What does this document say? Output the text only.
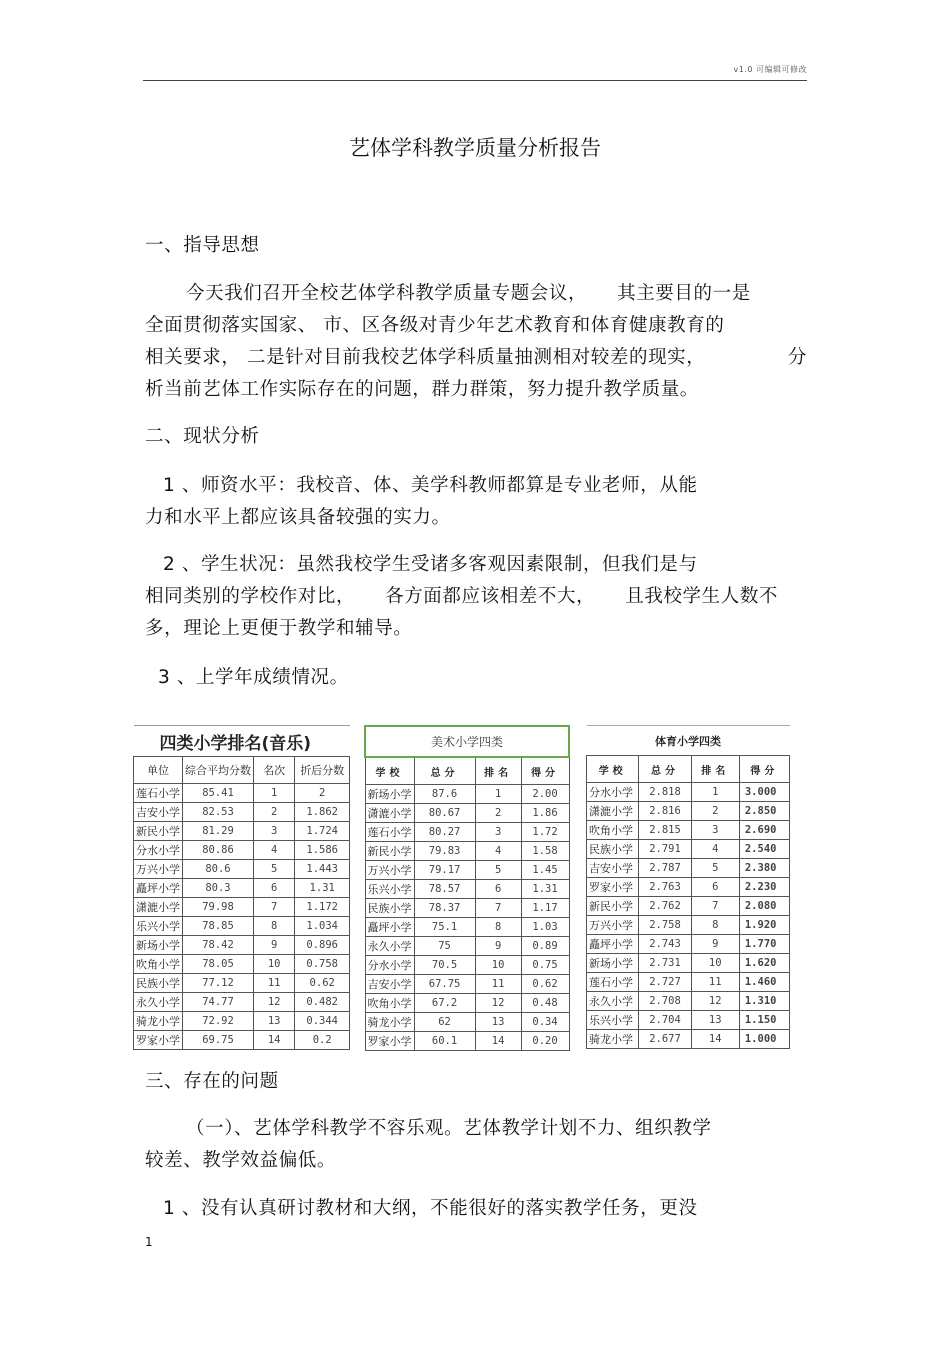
v1.0 可编辑可修改
艺体学科教学质量分析报告
一、指导思想
今天我们召开全校艺体学科教学质量专题会议， 其主要目的一是
全面贯彻落实国家、 市、区各级对青少年艺术教育和体育健康教育的
相关要求， 二是针对目前我校艺体学科质量抽测相对较差的现实，	分
析当前艺体工作实际存在的问题，群力群策，努力提升教学质量。
二、现状分析
1 、师资水平：我校音、体、美学科教师都算是专业老师，从能
力和水平上都应该具备较强的实力。
2 、学生状况：虽然我校学生受诸多客观因素限制，但我们是与
相同类别的学校作对比， 各方面都应该相差不大， 且我校学生人数不
多，理论上更便于教学和辅导。
3 、上学年成绩情况。
四类小学排名(音乐)			
单位	综合平均分数	名次	折后分数
莲石小学	85.41	1	2
吉安小学	82.53	2	1.862
新民小学	81.29	3	1.724
分水小学	80.86	4	1.586
万兴小学	80.6	5	1.443
矗坪小学	80.3	6	1.31
潇漉小学	79.98	7	1.172
乐兴小学	78.85	8	1.034
新场小学	78.42	9	0.896
吹角小学	78.05	10	0.758
民族小学	77.12	11	0.62
永久小学	74.77	12	0.482
骑龙小学	72.92	13	0.344
罗家小学	69.75	14	0.2
美术小学四类			
学校	总分	排名	得分
新场小学	87.6	1	2.00
潇漉小学	80.67	2	1.86
莲石小学	80.27	3	1.72
新民小学	79.83	4	1.58
万兴小学	79.17	5	1.45
乐兴小学	78.57	6	1.31
民族小学	78.37	7	1.17
矗坪小学	75.1	8	1.03
永久小学	75	9	0.89
分水小学	70.5	10	0.75
吉安小学	67.75	11	0.62
吹角小学	67.2	12	0.48
骑龙小学	62	13	0.34
罗家小学	60.1	14	0.20
体育小学四类			
学校	总分	排名	得分
分水小学	2.818	1	3.000
潇漉小学	2.816	2	2.850
吹角小学	2.815	3	2.690
民族小学	2.791	4	2.540
吉安小学	2.787	5	2.380
罗家小学	2.763	6	2.230
新民小学	2.762	7	2.080
万兴小学	2.758	8	1.920
矗坪小学	2.743	9	1.770
新场小学	2.731	10	1.620
莲石小学	2.727	11	1.460
永久小学	2.708	12	1.310
乐兴小学	2.704	13	1.150
骑龙小学	2.677	14	1.000
三、存在的问题
（一）、艺体学科教学不容乐观。艺体教学计划不力、组织教学
较差、教学效益偏低。
1 、没有认真研讨教材和大纲，不能很好的落实教学任务，更没
1
